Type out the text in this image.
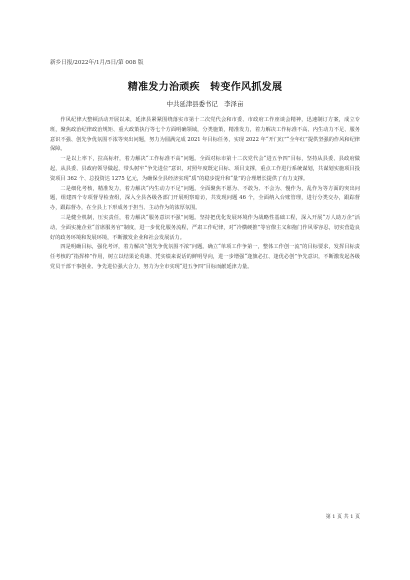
新乡日报/2022年/1月/5日/第 008 版
精准发力治顽疾　转变作风抓发展
中共延津县委书记　李泽亩

作风纪律大整顿活动开展以来，延津县紧紧围绕落实市第十二次党代会和市委、市政府工作座谈会精神，迅速制订方案，成立专班，聚焦政治纪律政治规矩、重大政策执行等七个方面明确领域，分类施策，精准发力，着力解决工作标准不高、内生动力不足、服务意识不强、创先争优氛围不浓等突出问题，努力为圆满完成 2021 年目标任务，实现 2022 年“开门红”“全年红”提供坚强的作风和纪律保障。

一是以上率下，拉高标杆，着力解决“工作标准不高”问题。全面对标市第十二次党代会“进五争四”目标，坚持从县委、县政府做起，从县委、县政府领导做起，带头树牢“争先进位”意识，对照年度既定目标、项目支撑，重点工作进行系统谋划，共谋划实施项目投资项目 362 个、总投资达 1275 亿元，为确保全县经济实现“质”的稳步提升和“量”的合理增长提供了有力支撑。

二是细化考核，精准发力，着力解决“内生动力不足”问题。全面聚焦不愿为、不敢为、不会为、慢作为，乱作为等方面的突出问题，组建四个专项督导检查组，深入全县各级各部门开展明察暗访，共发现问题 46 个，全面纳入台账管理，进行分类交办，跟踪督办，跟踪督办，在全县上下形成务于担当、主动作为的浓厚氛围。

三是健全机制，压实责任，着力解决“服务意识不强”问题。坚持把优化发展环境作为战略性基础工程，深入开展“万人助万企”活动，全面实施企业“首席服务官”制度，进一步优化服务流程，严肃工作纪律，对“冷横硬推”等官僚主义和拖门作风零容忍，切实营造良好的政务环境和发展环境，不断激发企业和社会发展活力。

四是明确目标，强化考评，着力解决“创先争优氛围不浓”问题。确立“单项工作争第一，整体工作创一流”的目标要求，发挥目标责任考核的“指挥棒”作用，树立以结果论英雄、凭实绩来说话的鲜明导向，进一步增强“逢旗必扛、逢优必创”争先意识，不断激发起各级党员干部干事创业、争先进位强大合力，努力为全市实现“进五争四”目标而献延津力量。

第 1 页 共 1 页
